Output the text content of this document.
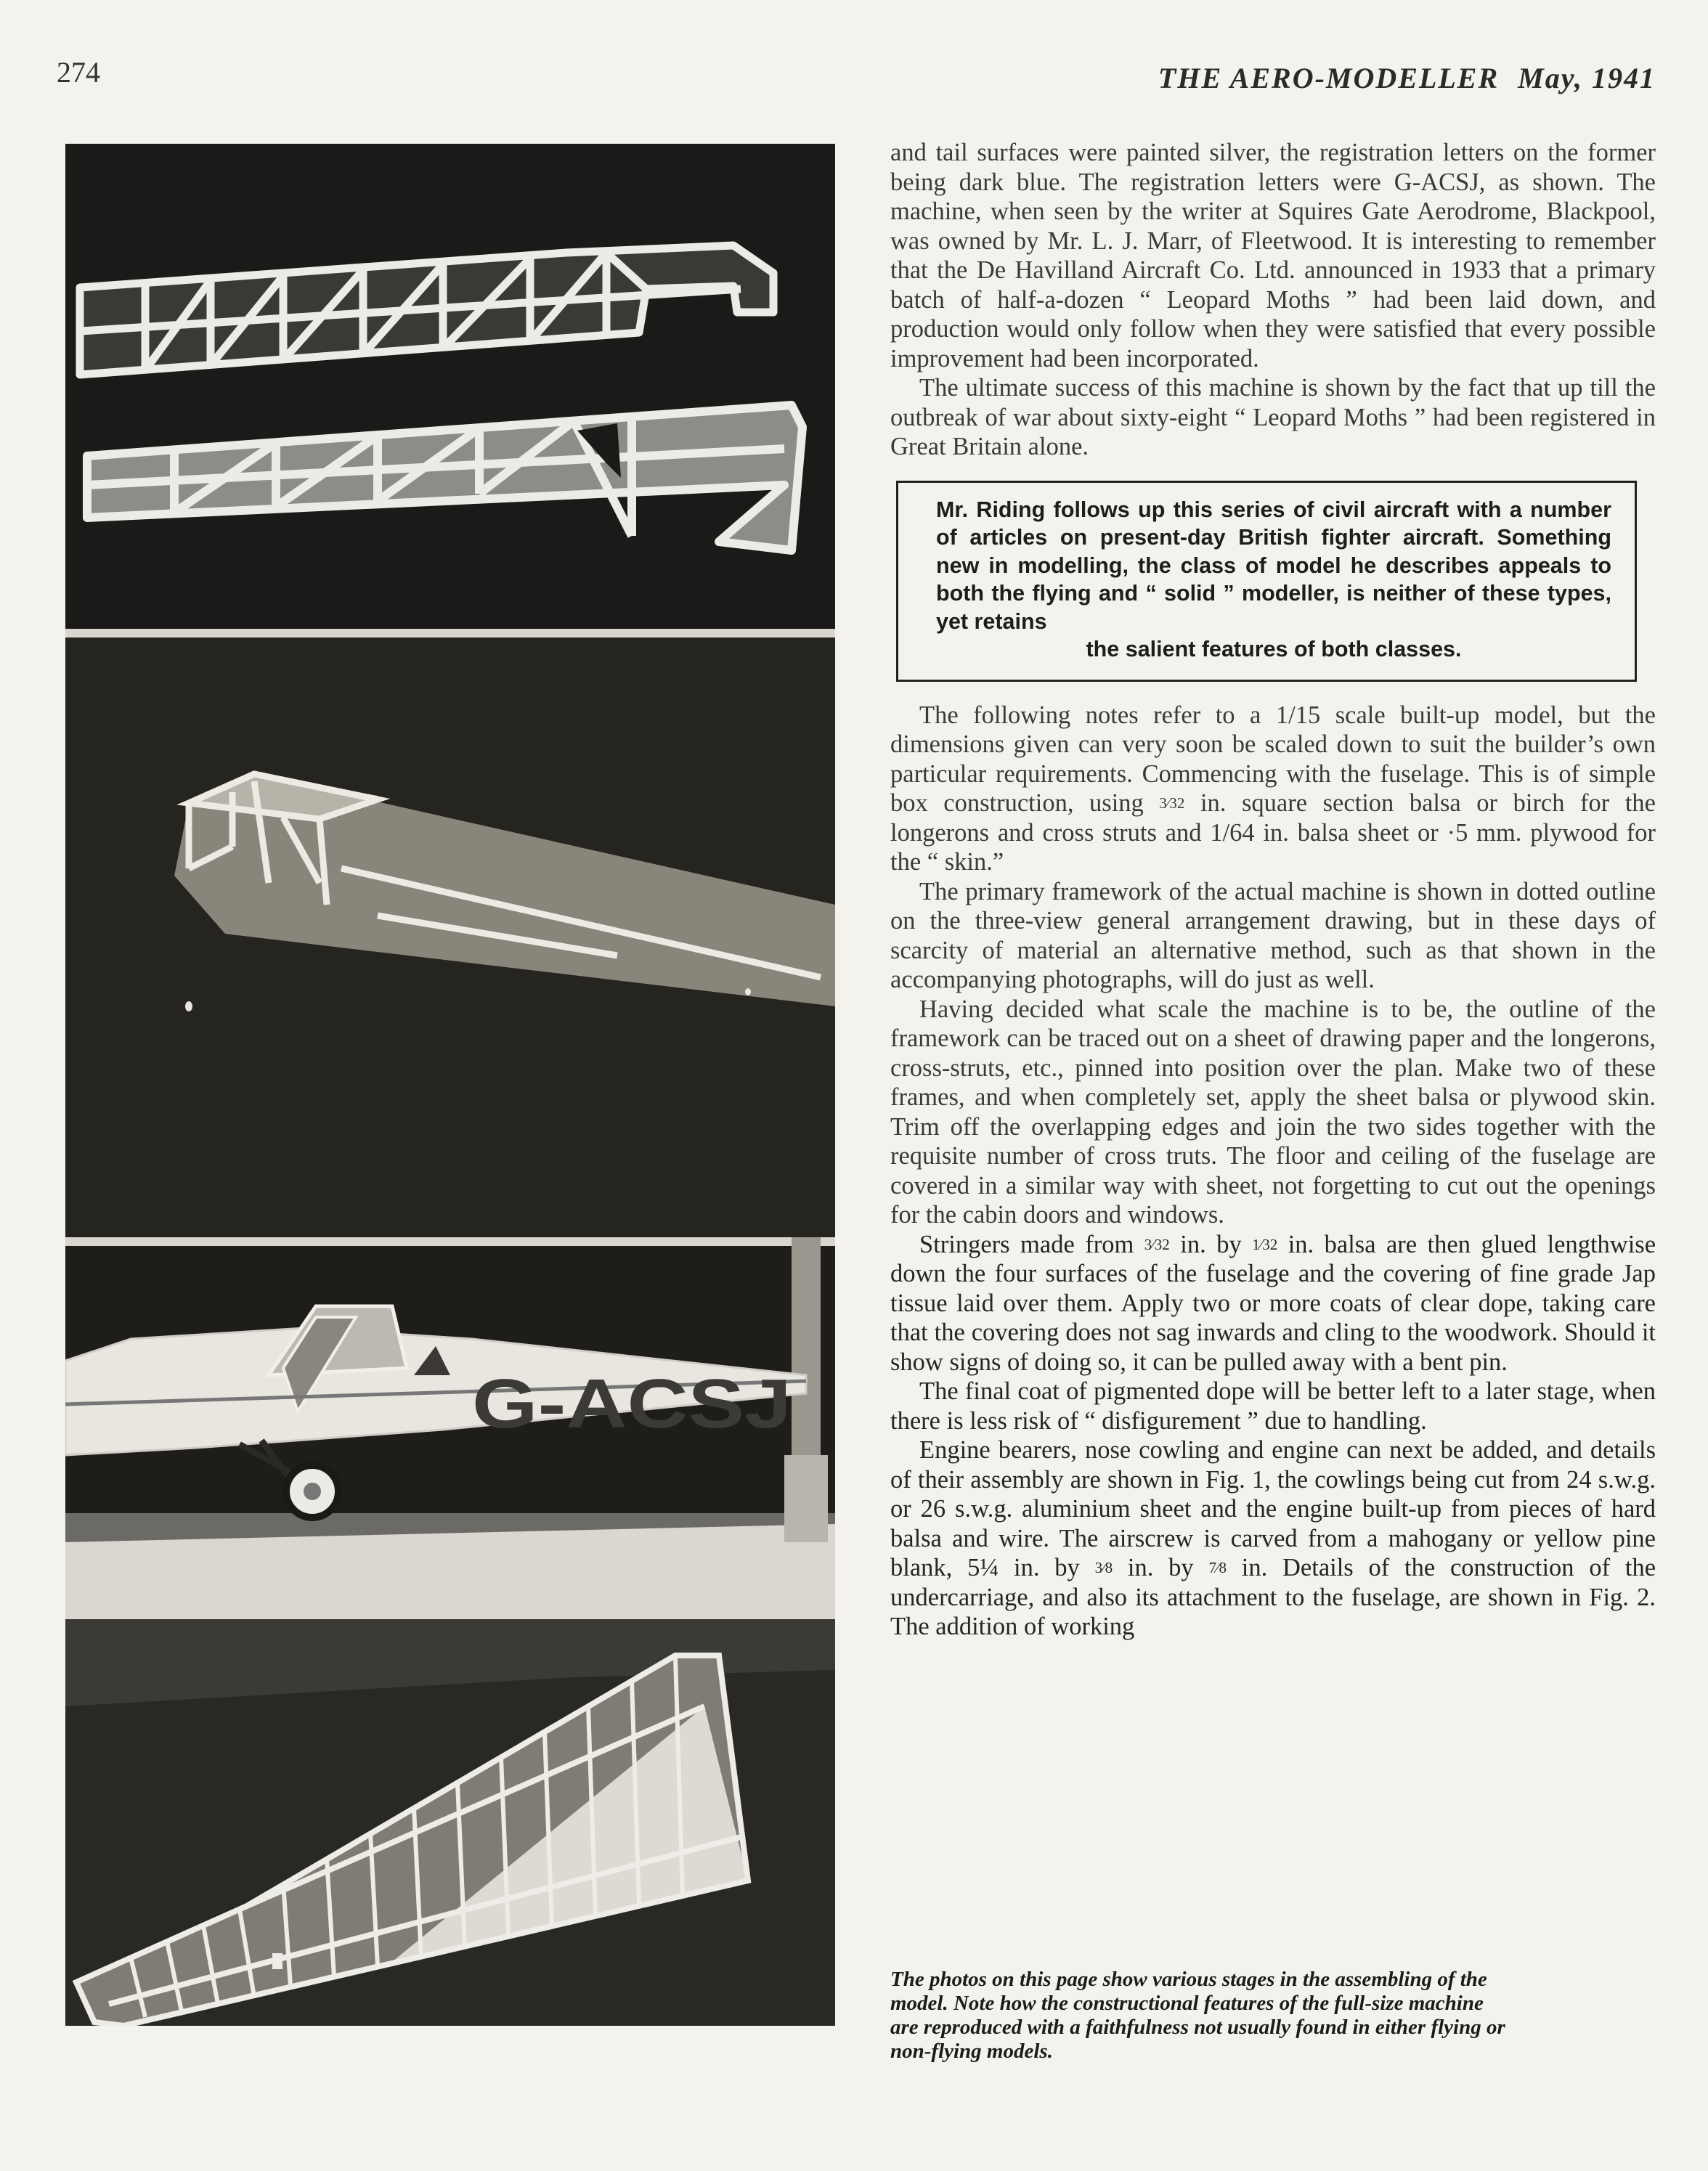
274	THE AERO-MODELLER May, 1941
G-ACSJ

and tail surfaces were painted silver, the registration letters on the former being dark blue. The registration letters were G-ACSJ, as shown. The machine, when seen by the writer at Squires Gate Aerodrome, Blackpool, was owned by Mr. L. J. Marr, of Fleetwood. It is interesting to remember that the De Havilland Aircraft Co. Ltd. announced in 1933 that a primary batch of half-a-dozen “ Leopard Moths ” had been laid down, and production would only follow when they were satisfied that every possible improvement had been incorporated.

The ultimate success of this machine is shown by the fact that up till the outbreak of war about sixty-eight “ Leopard Moths ” had been registered in Great Britain alone.

Mr. Riding follows up this series of civil aircraft with a number of articles on present-day British fighter aircraft. Something new in modelling, the class of model he describes appeals to both the flying and “ solid ” modeller, is neither of these types, yet retains
the salient features of both classes.

The following notes refer to a 1/15 scale built-up model, but the dimensions given can very soon be scaled down to suit the builder’s own particular requirements. Commencing with the fuselage. This is of simple box construction, using 3⁄32 in. square section balsa or birch for the longerons and cross struts and 1/64 in. balsa sheet or ·5 mm. plywood for the “ skin.”

The primary framework of the actual machine is shown in dotted outline on the three-view general arrangement drawing, but in these days of scarcity of material an alternative method, such as that shown in the accompanying photographs, will do just as well.

Having decided what scale the machine is to be, the outline of the framework can be traced out on a sheet of drawing paper and the longerons, cross-struts, etc., pinned into position over the plan. Make two of these frames, and when completely set, apply the sheet balsa or plywood skin. Trim off the overlapping edges and join the two sides together with the requisite number of cross truts. The floor and ceiling of the fuselage are covered in a similar way with sheet, not forgetting to cut out the openings for the cabin doors and windows.

Stringers made from 3⁄32 in. by 1⁄32 in. balsa are then glued lengthwise down the four surfaces of the fuselage and the covering of fine grade Jap tissue laid over them. Apply two or more coats of clear dope, taking care that the covering does not sag inwards and cling to the woodwork. Should it show signs of doing so, it can be pulled away with a bent pin.

The final coat of pigmented dope will be better left to a later stage, when there is less risk of “ disfigurement ” due to handling.

Engine bearers, nose cowling and engine can next be added, and details of their assembly are shown in Fig. 1, the cowlings being cut from 24 s.w.g. or 26 s.w.g. aluminium sheet and the engine built-up from pieces of hard balsa and wire. The airscrew is carved from a mahogany or yellow pine blank, 5¼ in. by 3⁄8 in. by 7⁄8 in. Details of the construction of the undercarriage, and also its attachment to the fuselage, are shown in Fig. 2. The addition of working

The photos on this page show various stages in the assembling of the model. Note how the constructional features of the full-size machine are reproduced with a faithfulness not usually found in either flying or non-flying models.
